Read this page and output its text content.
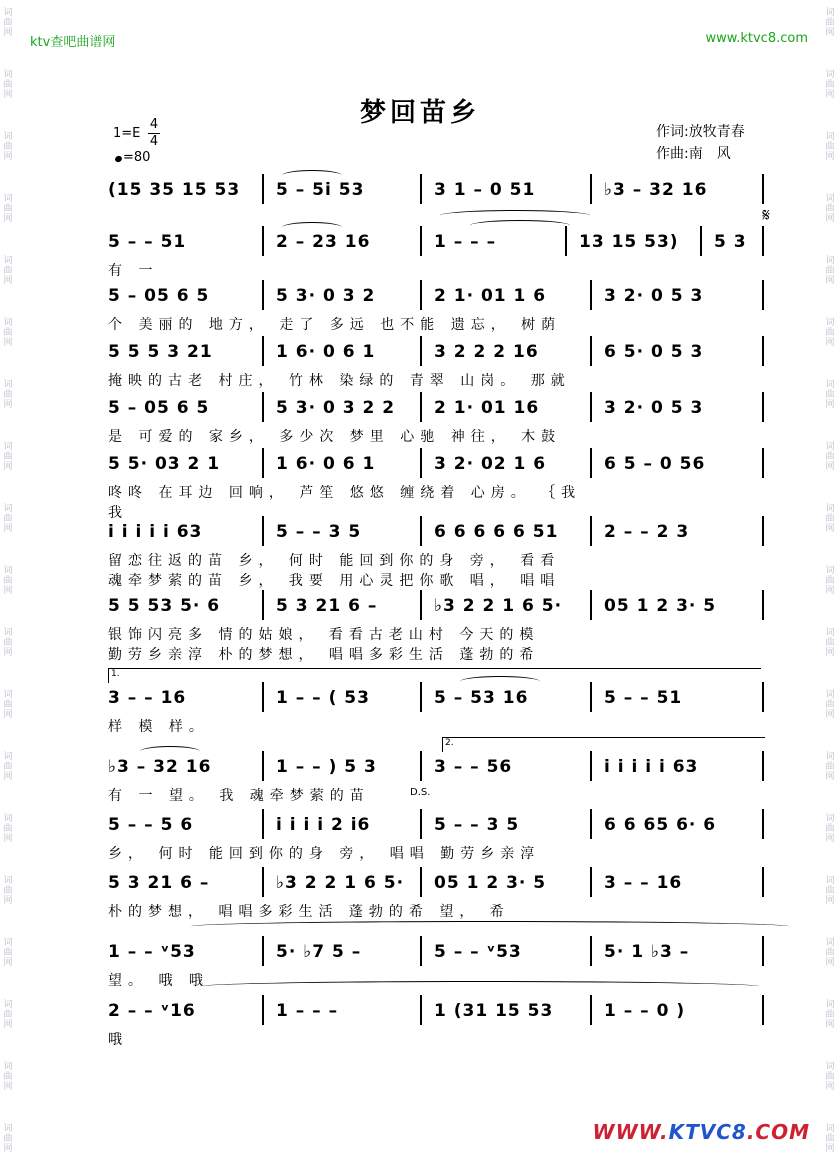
词
曲
网
词
曲
网
词
曲
网
词
曲
网
词
曲
网
词
曲
网
词
曲
网
词
曲
网
词
曲
网
词
曲
网
词
曲
网
词
曲
网
词
曲
网
词
曲
网
词
曲
网
词
曲
网
词
曲
网
词
曲
网
词
曲
网
词
曲
网
词
曲
网
词
曲
网
词
曲
网
词
曲
网
词
曲
网
词
曲
网
词
曲
网
词
曲
网
词
曲
网
词
曲
网
词
曲
网
词
曲
网
词
曲
网
词
曲
网
词
曲
网
词
曲
网
词
曲
网
词
曲
网
ktv查吧曲谱网	www.ktvc8.com
梦回苗乡
1=E
4
4
=80
作词:放牧青春
作曲:南　风
𝄋
(15 35 15 53 5 – 5i 53	3 1 – 0 51	♭3 – 32 16
5 – – 51	2 – 23 16	1 – – –	13 15 53) 5 3
有 一
5 – 05 6 5	5 3· 0 3 2	2 1· 01 1 6	3 2· 0 5 3
个 美丽的 地方， 走了 多远 也不能 遗忘， 树荫
5 5 5 3 21	1 6· 0 6 1	3 2 2 2 16	6 5· 0 5 3
掩映的古老 村庄， 竹林 染绿的 青翠 山岗。 那就
5 – 05 6 5	5 3· 0 3 2 2 2 1· 01 16	3 2· 0 5 3
是 可爱的 家乡， 多少次 梦里 心驰 神往， 木鼓
5 5· 03 2 1	1 6· 0 6 1	3 2· 02 1 6	6 5 – 0 56
咚咚 在耳边 回响， 芦笙 悠悠 缠绕着 心房。 ｛我
我
i i i i i 63	5 – – 3 5	6 6 6 6 6 51	2 – – 2 3
留恋往返的苗 乡， 何时 能回到你的身 旁， 看看
魂牵梦萦的苗 乡， 我要 用心灵把你歌 唱， 唱唱
5 5 53 5· 6	5 3 21 6 –	♭3 2 2 1 6 5· 05 1 2 3· 5
银饰闪亮多 情的姑娘， 看看古老山村 今天的模
勤劳乡亲淳 朴的梦想， 唱唱多彩生活 蓬勃的希
3 – – 16	1 – – ( 53	5 – 53 16	5 – – 51
样 模 样。
1.
♭3 – 32 16	1 – – ) 5 3	3 – – 56	i i i i i 63
有 一 望。 我 魂牵梦萦的苗
2.
D.S.
5 – – 5 6	i i i i 2 i6	5 – – 3 5	6 6 65 6· 6
乡， 何时 能回到你的身 旁， 唱唱 勤劳乡亲淳
5 3 21 6 –	♭3 2 2 1 6 5· 05 1 2 3· 5	3 – – 16
朴的梦想， 唱唱多彩生活 蓬勃的希 望， 希
1 – – ᵛ53	5· ♭7 5 –	5 – – ᵛ53	5· 1 ♭3 –
望。 哦 哦
2 – – ᵛ16	1 – – –	1 (31 15 53	1 – – 0 )
哦
WWW.KTVC8.COM
